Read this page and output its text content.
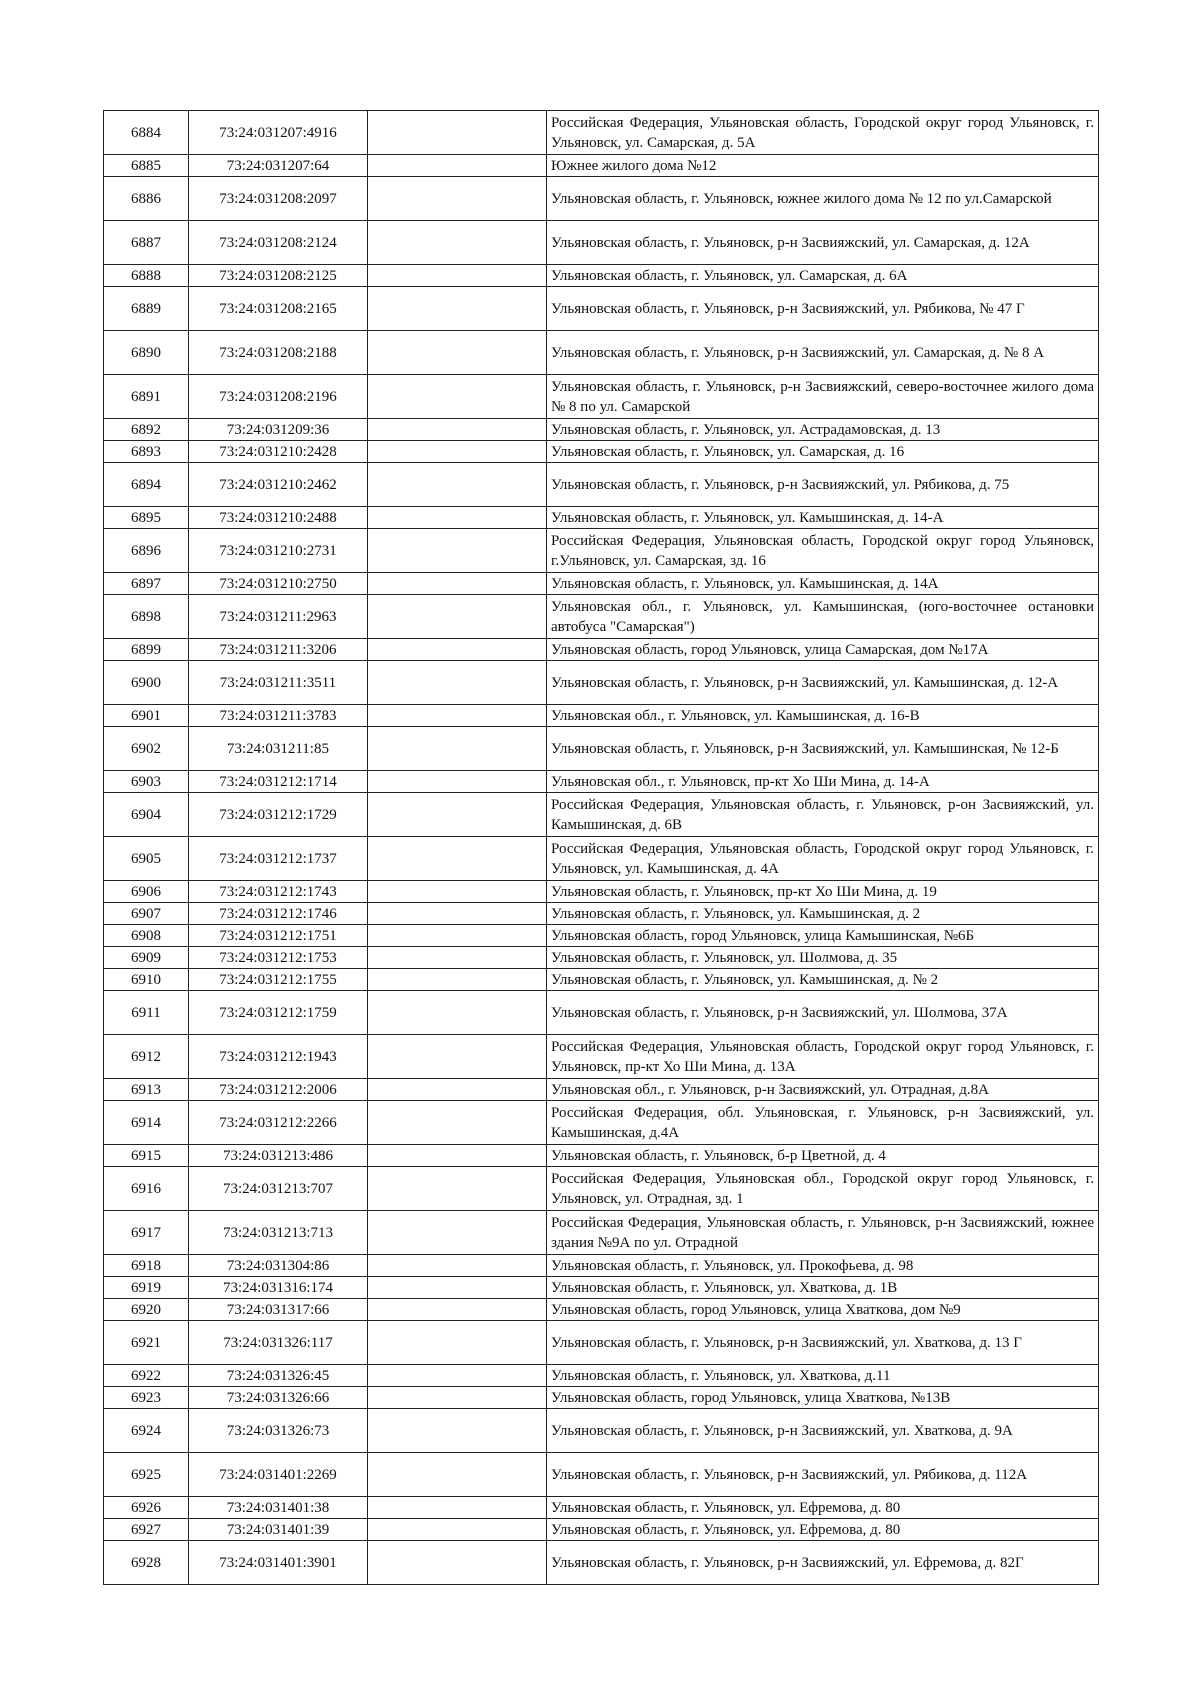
6884	73:24:031207:4916		Российская Федерация, Ульяновская область, Городской округ город Ульяновск, г. Ульяновск, ул. Самарская, д. 5А
6885	73:24:031207:64		Южнее жилого дома №12
6886	73:24:031208:2097		Ульяновская область, г. Ульяновск, южнее жилого дома № 12 по ул.Самарской
6887	73:24:031208:2124		Ульяновская область, г. Ульяновск, р-н Засвияжский, ул. Самарская, д. 12А
6888	73:24:031208:2125		Ульяновская область, г. Ульяновск, ул. Самарская, д. 6А
6889	73:24:031208:2165		Ульяновская область, г. Ульяновск, р-н Засвияжский, ул. Рябикова, № 47 Г
6890	73:24:031208:2188		Ульяновская область, г. Ульяновск, р-н Засвияжский, ул. Самарская, д. № 8 А
6891	73:24:031208:2196		Ульяновская область, г. Ульяновск, р-н Засвияжский, северо-восточнее жилого дома № 8 по ул. Самарской
6892	73:24:031209:36		Ульяновская область, г. Ульяновск, ул. Астрадамовская, д. 13
6893	73:24:031210:2428		Ульяновская область, г. Ульяновск, ул. Самарская, д. 16
6894	73:24:031210:2462		Ульяновская область, г. Ульяновск, р-н Засвияжский, ул. Рябикова, д. 75
6895	73:24:031210:2488		Ульяновская область, г. Ульяновск, ул. Камышинская, д. 14-А
6896	73:24:031210:2731		Российская Федерация, Ульяновская область, Городской округ город Ульяновск, г.Ульяновск, ул. Самарская, зд. 16
6897	73:24:031210:2750		Ульяновская область, г. Ульяновск, ул. Камышинская, д. 14А
6898	73:24:031211:2963		Ульяновская обл., г. Ульяновск, ул. Камышинская, (юго-восточнее остановки автобуса "Самарская")
6899	73:24:031211:3206		Ульяновская область, город Ульяновск, улица Самарская, дом №17А
6900	73:24:031211:3511		Ульяновская область, г. Ульяновск, р-н Засвияжский, ул. Камышинская, д. 12-А
6901	73:24:031211:3783		Ульяновская обл., г. Ульяновск, ул. Камышинская, д. 16-В
6902	73:24:031211:85		Ульяновская область, г. Ульяновск, р-н Засвияжский, ул. Камышинская, № 12-Б
6903	73:24:031212:1714		Ульяновская обл., г. Ульяновск, пр-кт Хо Ши Мина, д. 14-А
6904	73:24:031212:1729		Российская Федерация, Ульяновская область, г. Ульяновск, р-он Засвияжский, ул. Камышинская, д. 6В
6905	73:24:031212:1737		Российская Федерация, Ульяновская область, Городской округ город Ульяновск, г. Ульяновск, ул. Камышинская, д. 4А
6906	73:24:031212:1743		Ульяновская область, г. Ульяновск, пр-кт Хо Ши Мина, д. 19
6907	73:24:031212:1746		Ульяновская область, г. Ульяновск, ул. Камышинская, д. 2
6908	73:24:031212:1751		Ульяновская область, город Ульяновск, улица Камышинская, №6Б
6909	73:24:031212:1753		Ульяновская область, г. Ульяновск, ул. Шолмова, д. 35
6910	73:24:031212:1755		Ульяновская область, г. Ульяновск, ул. Камышинская, д. № 2
6911	73:24:031212:1759		Ульяновская область, г. Ульяновск, р-н Засвияжский, ул. Шолмова, 37А
6912	73:24:031212:1943		Российская Федерация, Ульяновская область, Городской округ город Ульяновск, г. Ульяновск, пр-кт Хо Ши Мина, д. 13А
6913	73:24:031212:2006		Ульяновская обл., г. Ульяновск, р-н Засвияжский, ул. Отрадная, д.8А
6914	73:24:031212:2266		Российская Федерация, обл. Ульяновская, г. Ульяновск, р-н Засвияжский, ул. Камышинская, д.4А
6915	73:24:031213:486		Ульяновская область, г. Ульяновск, б-р Цветной, д. 4
6916	73:24:031213:707		Российская Федерация, Ульяновская обл., Городской округ город Ульяновск, г. Ульяновск, ул. Отрадная, зд. 1
6917	73:24:031213:713		Российская Федерация, Ульяновская область, г. Ульяновск, р-н Засвияжский, южнее здания №9А по ул. Отрадной
6918	73:24:031304:86		Ульяновская область, г. Ульяновск, ул. Прокофьева, д. 98
6919	73:24:031316:174		Ульяновская область, г. Ульяновск, ул. Хваткова, д. 1В
6920	73:24:031317:66		Ульяновская область, город Ульяновск, улица Хваткова, дом №9
6921	73:24:031326:117		Ульяновская область, г. Ульяновск, р-н Засвияжский, ул. Хваткова, д. 13 Г
6922	73:24:031326:45		Ульяновская область, г. Ульяновск, ул. Хваткова, д.11
6923	73:24:031326:66		Ульяновская область, город Ульяновск, улица Хваткова, №13В
6924	73:24:031326:73		Ульяновская область, г. Ульяновск, р-н Засвияжский, ул. Хваткова, д. 9А
6925	73:24:031401:2269		Ульяновская область, г. Ульяновск, р-н Засвияжский, ул. Рябикова, д. 112А
6926	73:24:031401:38		Ульяновская область, г. Ульяновск, ул. Ефремова, д. 80
6927	73:24:031401:39		Ульяновская область, г. Ульяновск, ул. Ефремова, д. 80
6928	73:24:031401:3901		Ульяновская область, г. Ульяновск, р-н Засвияжский, ул. Ефремова, д. 82Г
